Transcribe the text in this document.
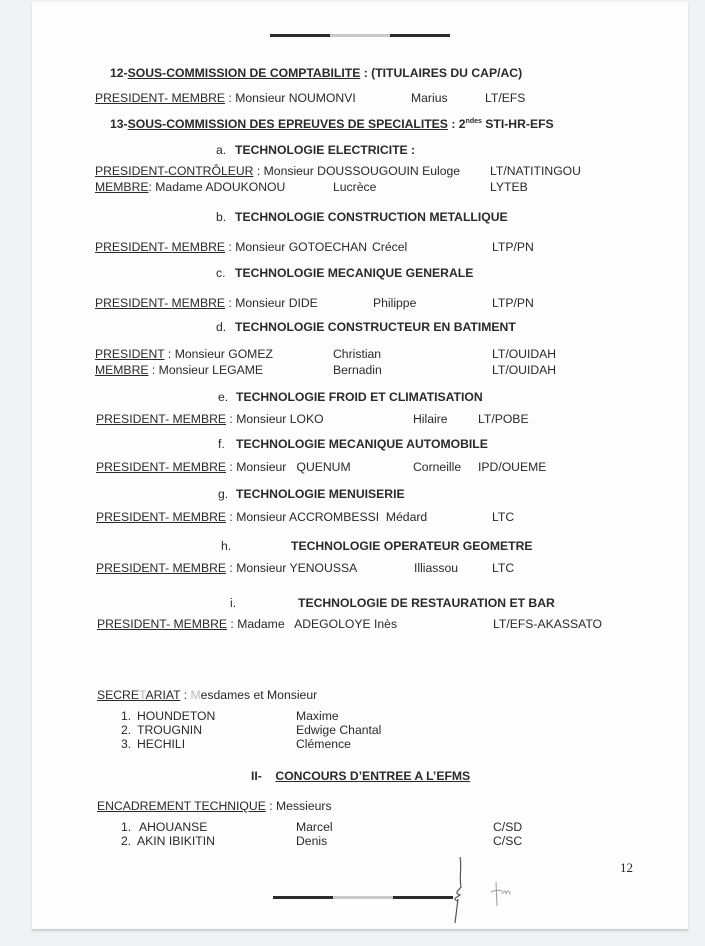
12-SOUS-COMMISSION DE COMPTABILITE : (TITULAIRES DU CAP/AC)
PRESIDENT- MEMBRE : Monsieur NOUMONVI	Marius	LT/EFS
13-SOUS-COMMISSION DES EPREUVES DE SPECIALITES : $2^{ndes}$ STI-HR-EFS
a. TECHNOLOGIE ELECTRICITE :
PRESIDENT-CONTRÔLEUR : Monsieur DOUSSOUGOUIN Euloge LT/NATITINGOU
MEMBRE: Madame ADOUKONOU	Lucrèce	LYTEB
b. TECHNOLOGIE CONSTRUCTION METALLIQUE
PRESIDENT- MEMBRE : Monsieur GOTOECHAN Crécel	LTP/PN
c. TECHNOLOGIE MECANIQUE GENERALE
PRESIDENT- MEMBRE : Monsieur DIDE	Philippe	LTP/PN
d. TECHNOLOGIE CONSTRUCTEUR EN BATIMENT
PRESIDENT : Monsieur GOMEZ	Christian	LT/OUIDAH
MEMBRE : Monsieur LEGAME	Bernadin	LT/OUIDAH
e. TECHNOLOGIE FROID ET CLIMATISATION
PRESIDENT- MEMBRE : Monsieur LOKO	Hilaire LT/POBE
f. TECHNOLOGIE MECANIQUE AUTOMOBILE
PRESIDENT- MEMBRE : Monsieur   QUENUM	Corneille IPD/OUEME
g. TECHNOLOGIE MENUISERIE
PRESIDENT- MEMBRE : Monsieur ACCROMBESSI  Médard	LTC
h.	TECHNOLOGIE OPERATEUR GEOMETRE
PRESIDENT- MEMBRE : Monsieur YENOUSSA	Illiassou	LTC
i.	TECHNOLOGIE DE RESTAURATION ET BAR
PRESIDENT- MEMBRE : Madame   ADEGOLOYE Inès	LT/EFS-AKASSATO
SECRETARIAT : Mesdames et Monsieur
1. HOUNDETON	Maxime
2. TROUGNIN	Edwige Chantal
3. HECHILI	Clémence
II- CONCOURS D’ENTREE A L’EFMS
ENCADREMENT TECHNIQUE : Messieurs
1. AHOUANSE	Marcel	C/SD
2. AKIN IBIKITIN	Denis	C/SC
12
